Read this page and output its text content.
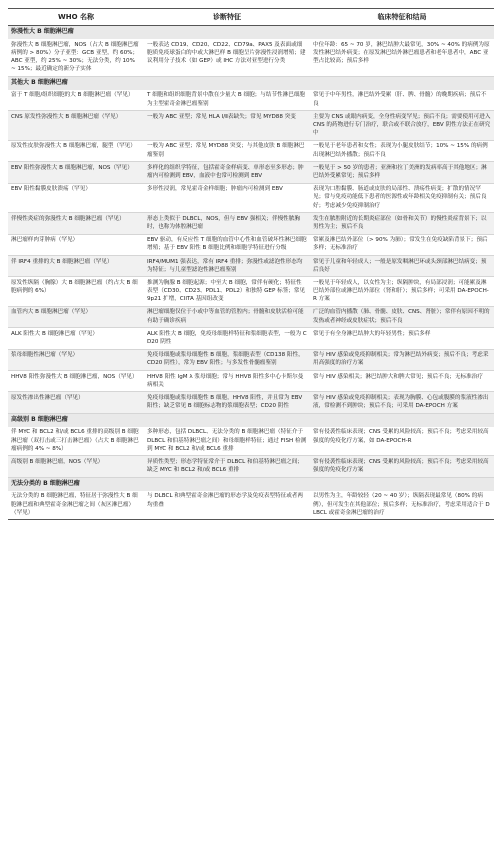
WHO 名称	诊断特征	临床特征和结局
弥漫性大 B 细胞淋巴瘤		
弥漫性大 B 细胞淋巴瘤，NOS（占大 B 细胞淋巴瘤病例的 > 80%）分子亚型：GCB 亚型，约 60%；ABC 亚型，约 25% ~ 30%；无法分类，约 10% ~ 15%；最近确定的新分子实体	一般表达 CD19、CD20、CD22、CD79a、PAX5 及表面或细胞质免疫球蛋白的中或大淋巴样 B 细胞呈片弥漫性浸润增殖；建议利用分子技术（如 GEP）或 IHC 方法对亚型进行分类	中位年龄：65 ~ 70 岁，淋巴结肿大最常见，30% ~ 40% 的病例为原发性淋巴结外病变；在原发淋巴结外淋巴瘤患者和老年患者中，ABC 亚型占比较高；预后多样
其他大 B 细胞淋巴瘤		
富于 T 细胞/组织细胞的大 B 细胞淋巴瘤（罕见）	T 细胞和组织细胞背景中散在少量大 B 细胞；与结节性淋巴细胞为主型霍奇金淋巴瘤鉴别	常见于中年男性，淋巴结外受累（肝、脾、骨髓）的晚期疾病；预后不良
CNS 原发性弥漫性大 B 细胞淋巴瘤（罕见）	一般为 ABC 亚型；常见 HLA Ⅰ/Ⅱ表缺失；常见 MYD88 突变	主要为 CNS 或眼内病变，全身性病变罕见；预后不良；需要使用可进入 CNS 的药物进行专门治疗，联合或不联合放疗，EBV 阴性方法正在研究中
原发性皮肤弥漫性大 B 细胞淋巴瘤，腿型（罕见）	一般为 ABC 亚型；常见 MYD88 突变；与其他皮肤 B 细胞淋巴瘤鉴别	一般见于老年患者和女性；表现为小腿皮肤结节；10% ~ 15% 的病例出现淋巴结外播散；预后不良
EBV 阳性弥漫性大 B 细胞淋巴瘤，NOS（罕见）	多样化的组织学特征，包括霍奇金样病变、单形态至多形态；肿瘤内可检测到 EBV，血液中也常可检测到 EBV	一般见于 > 50 岁的患者；亚洲和拉丁美洲的发病率高于其他地区；淋巴结外受累常见；预后多样
EBV 阳性黏膜皮肤溃疡（罕见）	多形性浸润，常见霍奇金样细胞；肿瘤内可检测到 EBV	表现为口腔黏膜、肠道或皮肤的局部性、溃疡性病变；扩散的情况罕见；常与免疫功能低下患者的医源性或年龄相关免疫抑制有关；预后良好；考虑减少免疫抑制治疗
伴慢性炎症的弥漫性大 B 细胞淋巴瘤（罕见）	形态上类似于 DLBCL，NOS，但与 EBV 强相关；伴慢性脓胸时，也称为体腔淋巴瘤	发生在脓腔附近的长期炎症部位（如骨和关节）的慢性炎症背景下；以男性为主；预后不良
淋巴瘤样肉芽肿病（罕见）	EBV 驱动，有反应性 T 细胞的血管中心性和血管破坏性淋巴细胞增殖；基于 EBV 阳性 B 细胞比例和细胞学特征进行分级	常累及淋巴结外部位（> 90% 为肺）；常发生在免疫缺陷背景下；预后多样；无标准治疗
伴 IRF4 重排的大 B 细胞淋巴瘤（罕见）	IRF4/MUM1 强表达，常有 IRF4 重排；弥漫性或滤泡性形态均为特征；与儿童型滤泡性淋巴瘤鉴别	常见于儿童和年轻成人；一般是原发咽淋巴环或头颈部淋巴结病变；预后良好
原发性纵隔（胸腺）大 B 细胞淋巴瘤（约占大 B 细胞病例的 6%）	推测为胸腺 B 细胞起源；中至大 B 细胞，常伴有硬化；特征性表型（CD30、CD23、PDL1、PDL2）和独特 GEP 标签；常见 9p21 扩增，CIITA 基因组改变	一般见于年轻成人，以女性为主；纵隔肿块，有局部浸润；可能累及淋巴结外部位或淋巴结外部位（肾和肝）；预后多样；可采用 DA-EPOCH-R 方案
血管内大 B 细胞淋巴瘤（罕见）	淋巴瘤细胞仅位于小或中等血管的管腔内；骨髓和皮肤活检可能有助于确诊疾病	广泛的血管内播散（肺、骨髓、皮肤、CNS、肾脏）；常伴有原因不明的发热或者神经或皮肤症状；预后不良
ALK 阳性大 B 细胞淋巴瘤（罕见）	ALK 阳性大 B 细胞，免疫母细胞样特征和浆细胞表型，一般为 CD20 阴性	常见于有全身淋巴结肿大的年轻男性；预后多样
浆母细胞性淋巴瘤（罕见）	免疫母细胞或浆母细胞性 B 细胞，浆细胞表型（CD138 阳性，CD20 阴性），常为 EBV 阳性；与多发性骨髓瘤鉴别	常与 HIV 感染或免疫抑制相关；常为淋巴结外病变；预后不良；考虑采用高强度的治疗方案
HHV8 阳性弥漫性大 B 细胞淋巴瘤，NOS（罕见）	HHV8 阳性 IgM λ 浆母细胞；常与 HHV8 阳性多中心卡斯尔曼病相关	常与 HIV 感染相关；淋巴结肿大和脾大常见；预后不良；无标准治疗
原发性渗出性淋巴瘤（罕见）	免疫母细胞或浆母细胞性 B 细胞，HHV8 阳性，并且常为 EBV 阳性；缺乏常见 B 细胞标志物的浆细胞表型；CD20 阴性	常与 HIV 感染或免疫抑制相关；表现为胸膜、心包或腹膜的浆液性渗出液，常检测不到肿块；预后不良；可采用 DA-EPOCH 方案
高级别 B 细胞淋巴瘤		
伴 MYC 和 BCL2 和/或 BCL6 重排的高级别 B 细胞淋巴瘤（双打击或三打击淋巴瘤）（占大 B 细胞淋巴瘤病例的 4% ~ 8%）	多种形态，包括 DLBCL、无法分类的 B 细胞淋巴瘤（特征介于 DLBCL 和伯基特淋巴瘤之间）和母细胞样特征；通过 FISH 检测到 MYC 和 BCL2 和/或 BCL6 重排	常有侵袭性临床表现；CNS 受累的风险较高；预后不良；考虑采用较高强度的免疫化疗方案，如 DA-EPOCH-R
高级别 B 细胞淋巴瘤，NOS（罕见）	异质性类型；形态学特征常介于 DLBCL 和伯基特淋巴瘤之间；缺乏 MYC 和 BCL2 和/或 BCL6 重排	常有侵袭性临床表现；CNS 受累的风险较高；预后不良；考虑采用较高强度的免疫化疗方案
无法分类的 B 细胞淋巴瘤		
无法分类的 B 细胞淋巴瘤，特征居于弥漫性大 B 细胞淋巴瘤和典型霍奇金淋巴瘤之间（灰区淋巴瘤）（罕见）	与 DLBCL 和典型霍奇金淋巴瘤的形态学及免疫表型特征或者两均重叠	以男性为主，年龄较轻（20 ~ 40 岁）；纵隔表现最常见（80% 的病例），但可发生在其他部位；预后多样；无标准治疗，考虑采用适合于 DLBCL 或霍奇金淋巴瘤的治疗
